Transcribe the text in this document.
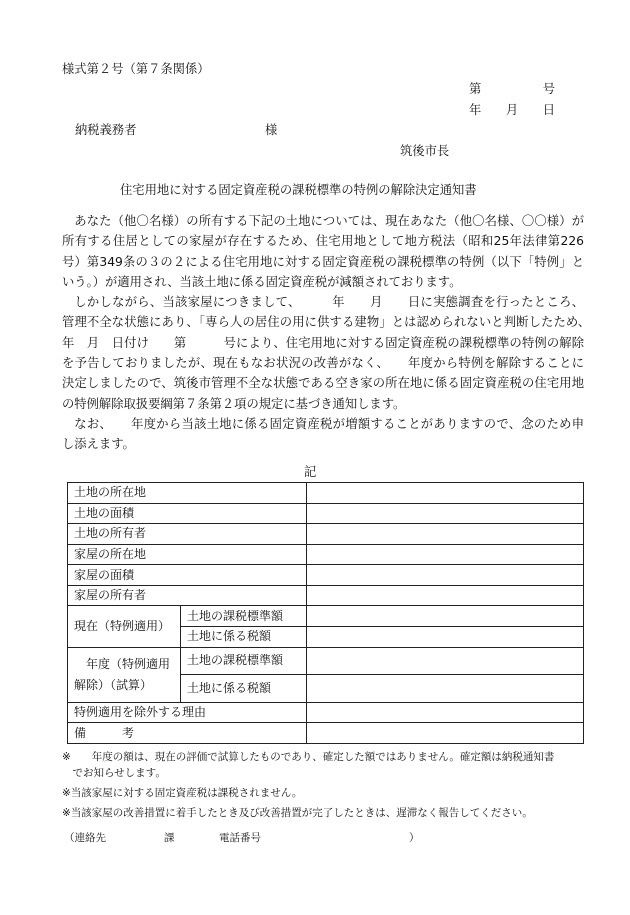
様式第２号（第７条関係）
第　　　　　号
年　　月　　日
納税義務者	様
筑後市長
住宅用地に対する固定資産税の課税標準の特例の解除決定通知書

あなた（他〇名様）の所有する下記の土地については、現在あなた（他〇名様、〇〇様）が所有する住居としての家屋が存在するため、住宅用地として地方税法（昭和25年法律第226号）第349条の３の２による住宅用地に対する固定資産税の課税標準の特例（以下「特例」という。）が適用され、当該土地に係る固定資産税が減額されております。

しかしながら、当該家屋につきまして、　　　年　　月　　日に実態調査を行ったところ、管理不全な状態にあり、「専ら人の居住の用に供する建物」とは認められないと判断したため、　年　月　日付け　　第　　　号により、住宅用地に対する固定資産税の課税標準の特例の解除を予告しておりましたが、現在もなお状況の改善がなく、　　年度から特例を解除することに決定しましたので、筑後市管理不全な状態である空き家の所在地に係る固定資産税の住宅用地の特例解除取扱要綱第７条第２項の規定に基づき通知します。

なお、　　年度から当該土地に係る固定資産税が増額することがありますので、念のため申し添えます。

記
土地の所在地		
土地の面積		
土地の所有者		
家屋の所在地		
家屋の面積		
家屋の所有者		
現在（特例適用）	土地の課税標準額	
	土地に係る税額	
　年度（特例適用解除）（試算）	土地の課税標準額	
	土地に係る税額	
特例適用を除外する理由		
備　　　考		
※　　年度の額は、現在の評価で試算したものであり、確定した額ではありません。確定額は納税通知書
　でお知らせします。
※当該家屋に対する固定資産税は課税されません。
※当該家屋の改善措置に着手したとき及び改善措置が完了したときは、遅滞なく報告してください。
（連絡先	課	電話番号	）
